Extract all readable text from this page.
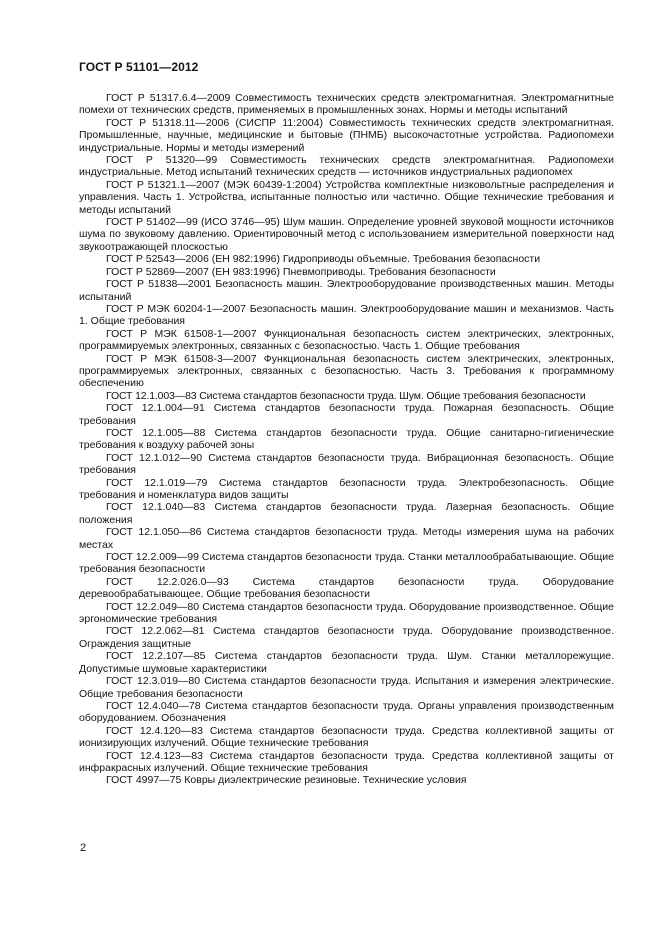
ГОСТ Р 51101—2012
ГОСТ Р 51317.6.4—2009 Совместимость технических средств электромагнитная. Электромагнитные помехи от технических средств, применяемых в промышленных зонах. Нормы и методы испытаний
ГОСТ Р 51318.11—2006 (СИСПР 11:2004) Совместимость технических средств электромагнитная. Промышленные, научные, медицинские и бытовые (ПНМБ) высокочастотные устройства. Радиопомехи индустриальные. Нормы и методы измерений
ГОСТ Р 51320—99 Совместимость технических средств электромагнитная. Радиопомехи индустриальные. Метод испытаний технических средств — источников индустриальных радиопомех
ГОСТ Р 51321.1—2007 (МЭК 60439-1:2004) Устройства комплектные низковольтные распределения и управления. Часть 1. Устройства, испытанные полностью или частично. Общие технические требования и методы испытаний
ГОСТ Р 51402—99 (ИСО 3746—95) Шум машин. Определение уровней звуковой мощности источников шума по звуковому давлению. Ориентировочный метод с использованием измерительной поверхности над звукоотражающей плоскостью
ГОСТ Р 52543—2006 (ЕН 982:1996) Гидроприводы объемные. Требования безопасности
ГОСТ Р 52869—2007 (ЕН 983:1996) Пневмоприводы. Требования безопасности
ГОСТ Р 51838—2001 Безопасность машин. Электрооборудование производственных машин. Методы испытаний
ГОСТ Р МЭК 60204-1—2007 Безопасность машин. Электрооборудование машин и механизмов. Часть 1. Общие требования
ГОСТ Р МЭК 61508-1—2007 Функциональная безопасность систем электрических, электронных, программируемых электронных, связанных с безопасностью. Часть 1. Общие требования
ГОСТ Р МЭК 61508-3—2007 Функциональная безопасность систем электрических, электронных, программируемых электронных, связанных с безопасностью. Часть 3. Требования к программному обеспечению
ГОСТ 12.1.003—83 Система стандартов безопасности труда. Шум. Общие требования безопасности
ГОСТ 12.1.004—91 Система стандартов безопасности труда. Пожарная безопасность. Общие требования
ГОСТ 12.1.005—88 Система стандартов безопасности труда. Общие санитарно-гигиенические требования к воздуху рабочей зоны
ГОСТ 12.1.012—90 Система стандартов безопасности труда. Вибрационная безопасность. Общие требования
ГОСТ 12.1.019—79 Система стандартов безопасности труда. Электробезопасность. Общие требования и номенклатура видов защиты
ГОСТ 12.1.040—83 Система стандартов безопасности труда. Лазерная безопасность. Общие положения
ГОСТ 12.1.050—86 Система стандартов безопасности труда. Методы измерения шума на рабочих местах
ГОСТ 12.2.009—99 Система стандартов безопасности труда. Станки металлообрабатывающие. Общие требования безопасности
ГОСТ 12.2.026.0—93 Система стандартов безопасности труда. Оборудование деревообрабатывающее. Общие требования безопасности
ГОСТ 12.2.049—80 Система стандартов безопасности труда. Оборудование производственное. Общие эргономические требования
ГОСТ 12.2.062—81 Система стандартов безопасности труда. Оборудование производственное. Ограждения защитные
ГОСТ 12.2.107—85 Система стандартов безопасности труда. Шум. Станки металлорежущие. Допустимые шумовые характеристики
ГОСТ 12.3.019—80 Система стандартов безопасности труда. Испытания и измерения электрические. Общие требования безопасности
ГОСТ 12.4.040—78 Система стандартов безопасности труда. Органы управления производственным оборудованием. Обозначения
ГОСТ 12.4.120—83 Система стандартов безопасности труда. Средства коллективной защиты от ионизирующих излучений. Общие технические требования
ГОСТ 12.4.123—83 Система стандартов безопасности труда. Средства коллективной защиты от инфракрасных излучений. Общие технические требования
ГОСТ 4997—75 Ковры диэлектрические резиновые. Технические условия
2
